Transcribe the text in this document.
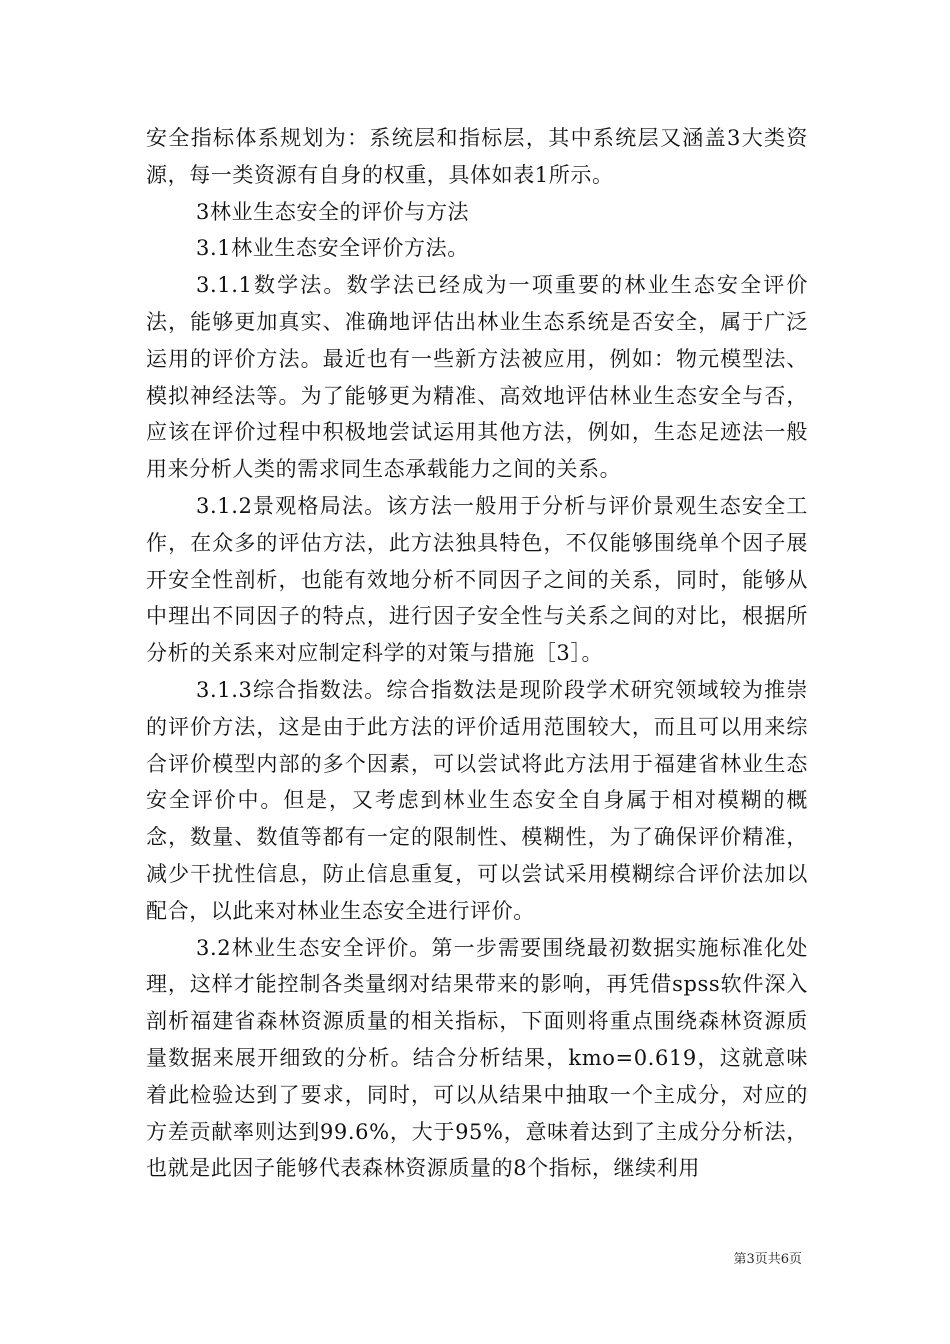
安全指标体系规划为：系统层和指标层，其中系统层又涵盖3大类资源，每一类资源有自身的权重，具体如表1所示。

3林业生态安全的评价与方法

3.1林业生态安全评价方法。

3.1.1数学法。数学法已经成为一项重要的林业生态安全评价法，能够更加真实、准确地评估出林业生态系统是否安全，属于广泛运用的评价方法。最近也有一些新方法被应用，例如：物元模型法、模拟神经法等。为了能够更为精准、高效地评估林业生态安全与否，应该在评价过程中积极地尝试运用其他方法，例如，生态足迹法一般用来分析人类的需求同生态承载能力之间的关系。

3.1.2景观格局法。该方法一般用于分析与评价景观生态安全工作，在众多的评估方法，此方法独具特色，不仅能够围绕单个因子展开安全性剖析，也能有效地分析不同因子之间的关系，同时，能够从中理出不同因子的特点，进行因子安全性与关系之间的对比，根据所分析的关系来对应制定科学的对策与措施［3］。

3.1.3综合指数法。综合指数法是现阶段学术研究领域较为推崇的评价方法，这是由于此方法的评价适用范围较大，而且可以用来综合评价模型内部的多个因素，可以尝试将此方法用于福建省林业生态安全评价中。但是，又考虑到林业生态安全自身属于相对模糊的概念，数量、数值等都有一定的限制性、模糊性，为了确保评价精准，减少干扰性信息，防止信息重复，可以尝试采用模糊综合评价法加以配合，以此来对林业生态安全进行评价。

3.2林业生态安全评价。第一步需要围绕最初数据实施标准化处理，这样才能控制各类量纲对结果带来的影响，再凭借spss软件深入剖析福建省森林资源质量的相关指标，下面则将重点围绕森林资源质量数据来展开细致的分析。结合分析结果，kmo=0.619，这就意味着此检验达到了要求，同时，可以从结果中抽取一个主成分，对应的方差贡献率则达到99.6%，大于95%，意味着达到了主成分分析法，也就是此因子能够代表森林资源质量的8个指标，继续利用

第3页共6页
